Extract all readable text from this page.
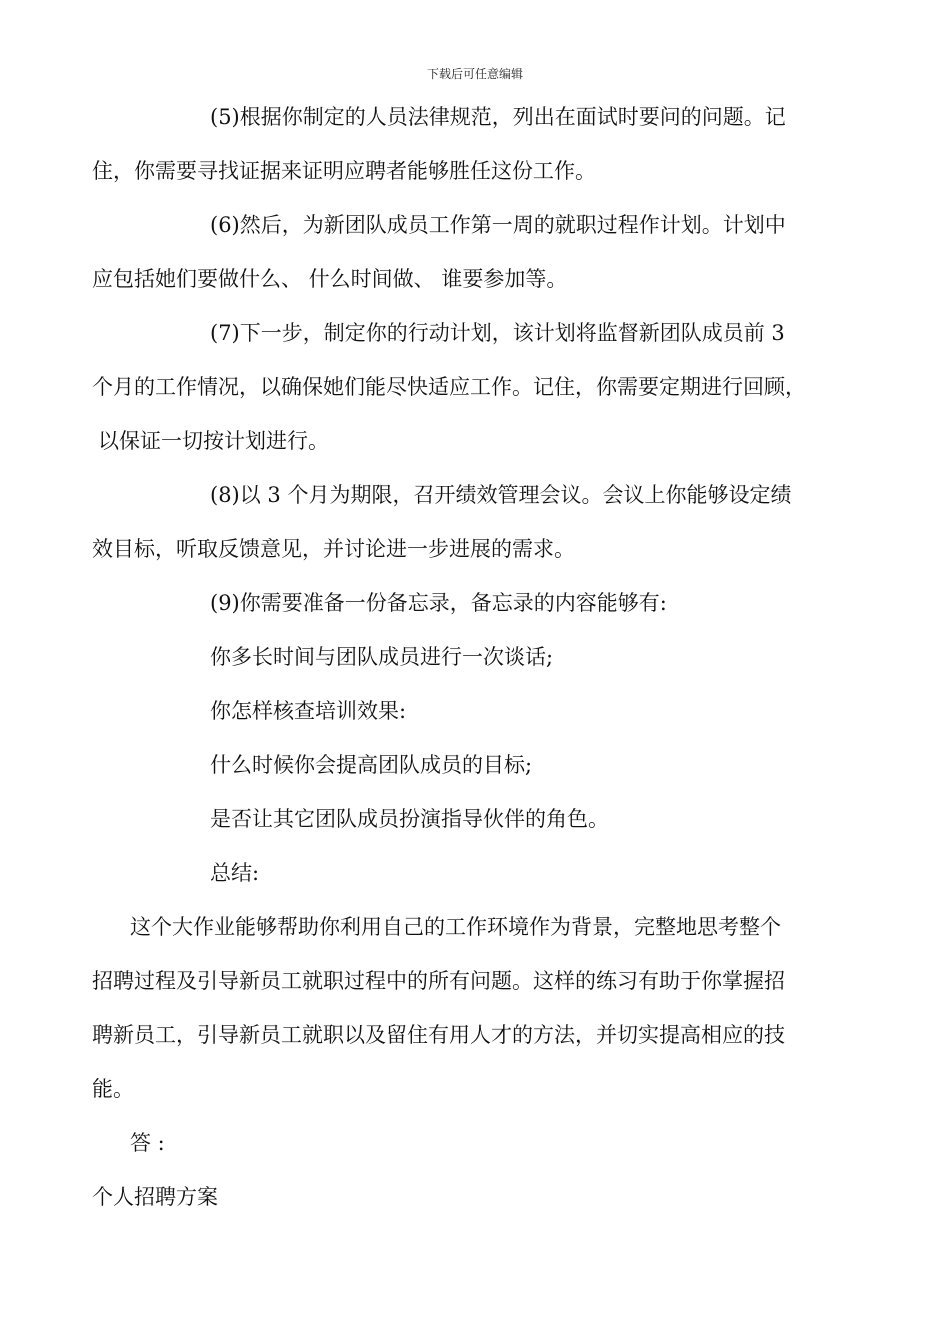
下载后可任意编辑

(5)根据你制定的人员法律规范，列出在面试时要问的问题。记

住，你需要寻找证据来证明应聘者能够胜任这份工作。

(6)然后，为新团队成员工作第一周的就职过程作计划。计划中

应包括她们要做什么、 什么时间做、 谁要参加等。

(7)下一步，制定你的行动计划，该计划将监督新团队成员前 3

个月的工作情况，以确保她们能尽快适应工作。记住，你需要定期进行回顾，

以保证一切按计划进行。

(8)以 3 个月为期限，召开绩效管理会议。会议上你能够设定绩

效目标，听取反馈意见，并讨论进一步进展的需求。

(9)你需要准备一份备忘录，备忘录的内容能够有:

你多长时间与团队成员进行一次谈话;

你怎样核查培训效果:

什么时候你会提高团队成员的目标;

是否让其它团队成员扮演指导伙伴的角色。

总结:

这个大作业能够帮助你利用自己的工作环境作为背景，完整地思考整个

招聘过程及引导新员工就职过程中的所有问题。这样的练习有助于你掌握招

聘新员工，引导新员工就职以及留住有用人才的方法，并切实提高相应的技

能。

答 :

个人招聘方案
